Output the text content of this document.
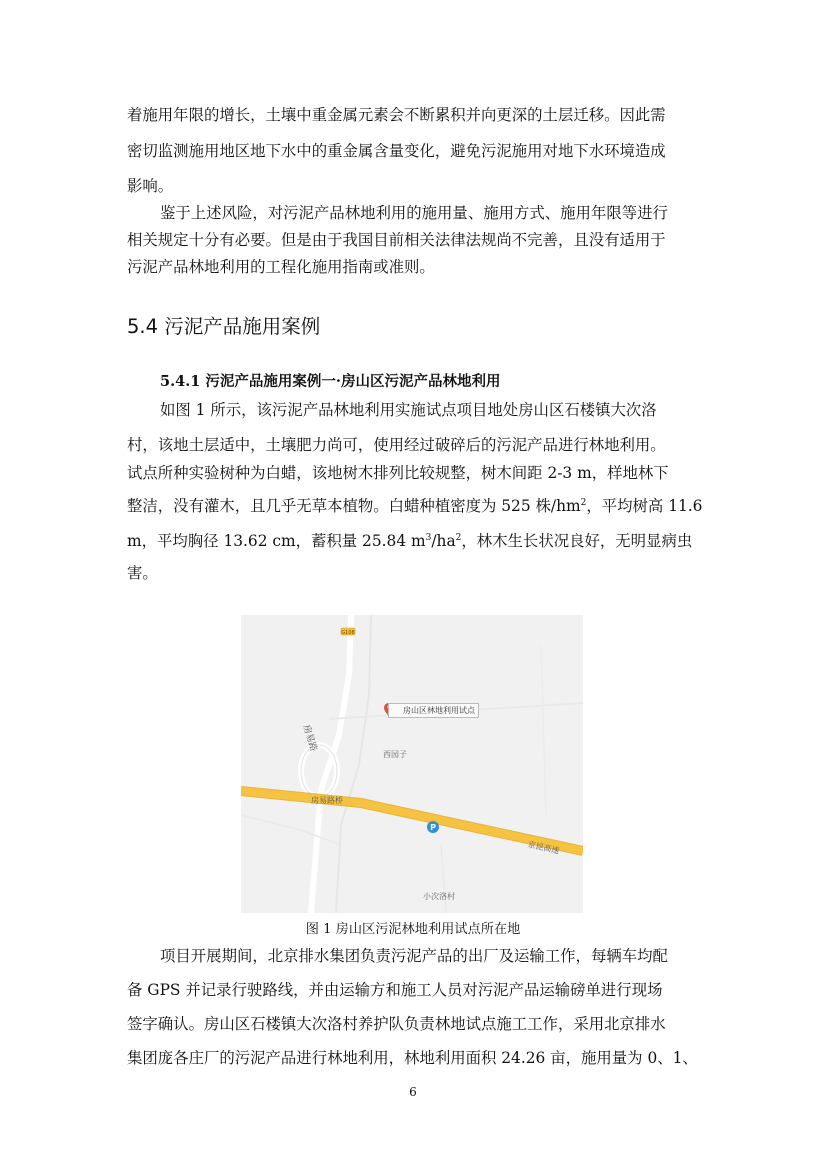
着施用年限的增长，土壤中重金属元素会不断累积并向更深的土层迁移。因此需
密切监测施用地区地下水中的重金属含量变化，避免污泥施用对地下水环境造成
影响。
鉴于上述风险，对污泥产品林地利用的施用量、施用方式、施用年限等进行
相关规定十分有必要。但是由于我国目前相关法律法规尚不完善，且没有适用于
污泥产品林地利用的工程化施用指南或准则。
5.4 污泥产品施用案例
5.4.1 污泥产品施用案例一·房山区污泥产品林地利用
如图 1 所示，该污泥产品林地利用实施试点项目地处房山区石楼镇大次洛
村，该地土层适中，土壤肥力尚可，使用经过破碎后的污泥产品进行林地利用。
试点所种实验树种为白蜡，该地树木排列比较规整，树木间距 2-3 m，样地林下
整洁，没有灌木，且几乎无草本植物。白蜡种植密度为 525 株$/hm^2$，平均树高 11.6
m，平均胸径 13.62 cm，蓄积量 25.84 $m^3/ha^2$，林木生长状况良好，无明显病虫
害。
G108
P
房山区林地利用试点
房易路
西园子
房易路桥
京昆高速
小次洛村
图 1 房山区污泥林地利用试点所在地
项目开展期间，北京排水集团负责污泥产品的出厂及运输工作，每辆车均配
备 GPS 并记录行驶路线，并由运输方和施工人员对污泥产品运输磅单进行现场
签字确认。房山区石楼镇大次洛村养护队负责林地试点施工工作，采用北京排水
集团庞各庄厂的污泥产品进行林地利用，林地利用面积 24.26 亩，施用量为 0、1、
6
